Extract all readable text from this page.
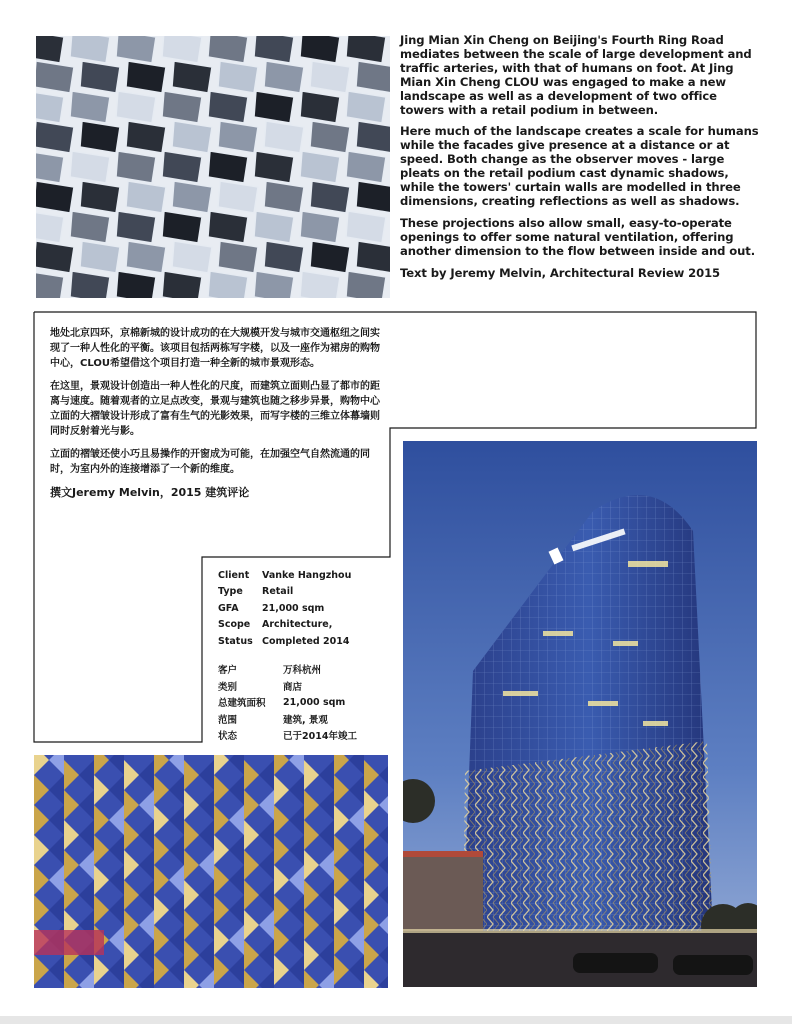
Jing Mian Xin Cheng on Beijing's Fourth Ring Road mediates between the scale of large development and traffic arteries, with that of humans on foot. At Jing Mian Xin Cheng CLOU was engaged to make a new landscape as well as a development of two office towers with a retail podium in between.

Here much of the landscape creates a scale for humans while the facades give presence at a distance or at speed. Both change as the observer moves - large pleats on the retail podium cast dynamic shadows, while the towers' curtain walls are modelled in three dimensions, creating reflections as well as shadows.

These projections also allow small, easy-to-operate openings to offer some natural ventilation, offering another dimension to the flow between inside and out.

Text by Jeremy Melvin, Architectural Review 2015

地处北京四环，京棉新城的设计成功的在大规模开发与城市交通枢纽之间实现了一种人性化的平衡。该项目包括两栋写字楼，以及一座作为裙房的购物中心，CLOU希望借这个项目打造一种全新的城市景观形态。

在这里，景观设计创造出一种人性化的尺度，而建筑立面则凸显了都市的距离与速度。随着观者的立足点改变，景观与建筑也随之移步异景，购物中心立面的大褶皱设计形成了富有生气的光影效果，而写字楼的三维立体幕墙则同时反射着光与影。

立面的褶皱还使小巧且易操作的开窗成为可能，在加强空气自然流通的同时，为室内外的连接增添了一个新的维度。

撰文Jeremy Melvin，2015 建筑评论

Client	Vanke Hangzhou
Type	Retail
GFA	21,000 sqm
Scope	Architecture,
Status	Completed 2014
客户	万科杭州
类别	商店
总建筑面积	21,000 sqm
范围	建筑, 景观
状态	已于2014年竣工
